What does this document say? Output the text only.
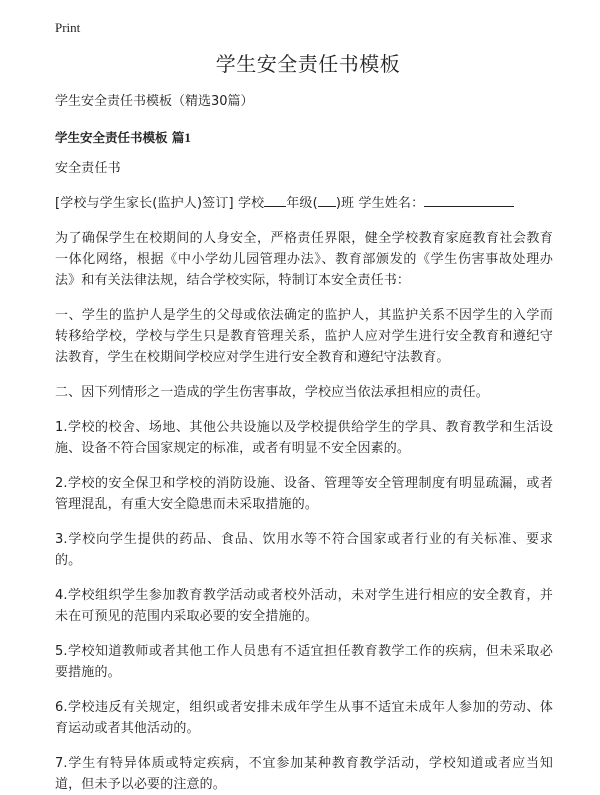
Print
学生安全责任书模板

学生安全责任书模板（精选30篇）

学生安全责任书模板 篇1

安全责任书

[学校与学生家长(监护人)签订] 学校 年级( )班 学生姓名：

为了确保学生在校期间的人身安全，严格责任界限，健全学校教育家庭教育社会教育一体化网络，根据《中小学幼儿园管理办法》、教育部颁发的《学生伤害事故处理办法》和有关法律法规，结合学校实际，特制订本安全责任书：

一、学生的监护人是学生的父母或依法确定的监护人，其监护关系不因学生的入学而转移给学校，学校与学生只是教育管理关系，监护人应对学生进行安全教育和遵纪守法教育，学生在校期间学校应对学生进行安全教育和遵纪守法教育。

二、因下列情形之一造成的学生伤害事故，学校应当依法承担相应的责任。

1.学校的校舍、场地、其他公共设施以及学校提供给学生的学具、教育教学和生活设施、设备不符合国家规定的标准，或者有明显不安全因素的。

2.学校的安全保卫和学校的消防设施、设备、管理等安全管理制度有明显疏漏，或者管理混乱，有重大安全隐患而未采取措施的。

3.学校向学生提供的药品、食品、饮用水等不符合国家或者行业的有关标准、要求的。

4.学校组织学生参加教育教学活动或者校外活动，未对学生进行相应的安全教育，并未在可预见的范围内采取必要的安全措施的。

5.学校知道教师或者其他工作人员患有不适宜担任教育教学工作的疾病，但未采取必要措施的。

6.学校违反有关规定，组织或者安排未成年学生从事不适宜未成年人参加的劳动、体育运动或者其他活动的。

7.学生有特异体质或特定疾病，不宜参加某种教育教学活动，学校知道或者应当知道，但未予以必要的注意的。
